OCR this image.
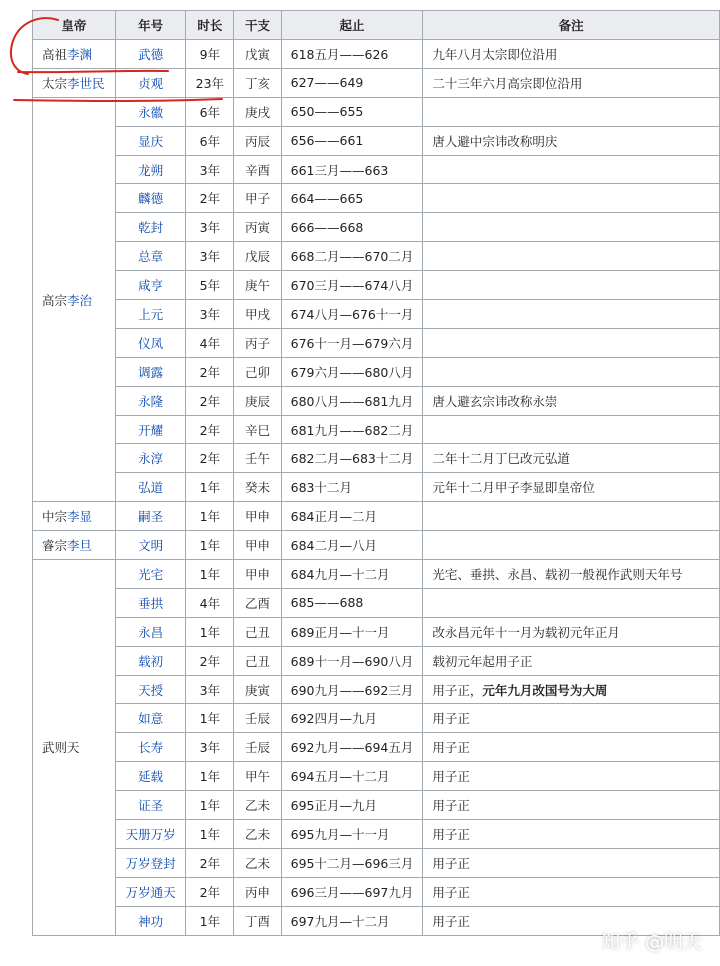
皇帝	年号	时长	干支	起止	备注
高祖李渊	武德	9年	戊寅	618五月——626	九年八月太宗即位沿用
太宗李世民	贞观	23年	丁亥	627——649	二十三年六月高宗即位沿用
高宗李治	永徽	6年	庚戌	650——655	
	显庆	6年	丙辰	656——661	唐人避中宗讳改称明庆
	龙朔	3年	辛酉	661三月——663	
	麟德	2年	甲子	664——665	
	乾封	3年	丙寅	666——668	
	总章	3年	戊辰	668二月——670二月	
	咸亨	5年	庚午	670三月——674八月	
	上元	3年	甲戌	674八月—676十一月	
	仪凤	4年	丙子	676十一月—679六月	
	调露	2年	己卯	679六月——680八月	
	永隆	2年	庚辰	680八月——681九月	唐人避玄宗讳改称永崇
	开耀	2年	辛巳	681九月——682二月	
	永淳	2年	壬午	682二月—683十二月	二年十二月丁巳改元弘道
	弘道	1年	癸未	683十二月	元年十二月甲子李显即皇帝位
中宗李显	嗣圣	1年	甲申	684正月—二月	
睿宗李旦	文明	1年	甲申	684二月—八月	
武则天	光宅	1年	甲申	684九月—十二月	光宅、垂拱、永昌、载初一般视作武则天年号
	垂拱	4年	乙酉	685——688	
	永昌	1年	己丑	689正月—十一月	改永昌元年十一月为载初元年正月
	载初	2年	己丑	689十一月—690八月	载初元年起用子正
	天授	3年	庚寅	690九月——692三月	用子正，元年九月改国号为大周
	如意	1年	壬辰	692四月—九月	用子正
	长寿	3年	壬辰	692九月——694五月	用子正
	延载	1年	甲午	694五月—十二月	用子正
	证圣	1年	乙未	695正月—九月	用子正
	天册万岁	1年	乙未	695九月—十一月	用子正
	万岁登封	2年	乙未	695十二月—696三月	用子正
	万岁通天	2年	丙申	696三月——697九月	用子正
	神功	1年	丁酉	697九月—十二月	用子正
知乎 @明天
